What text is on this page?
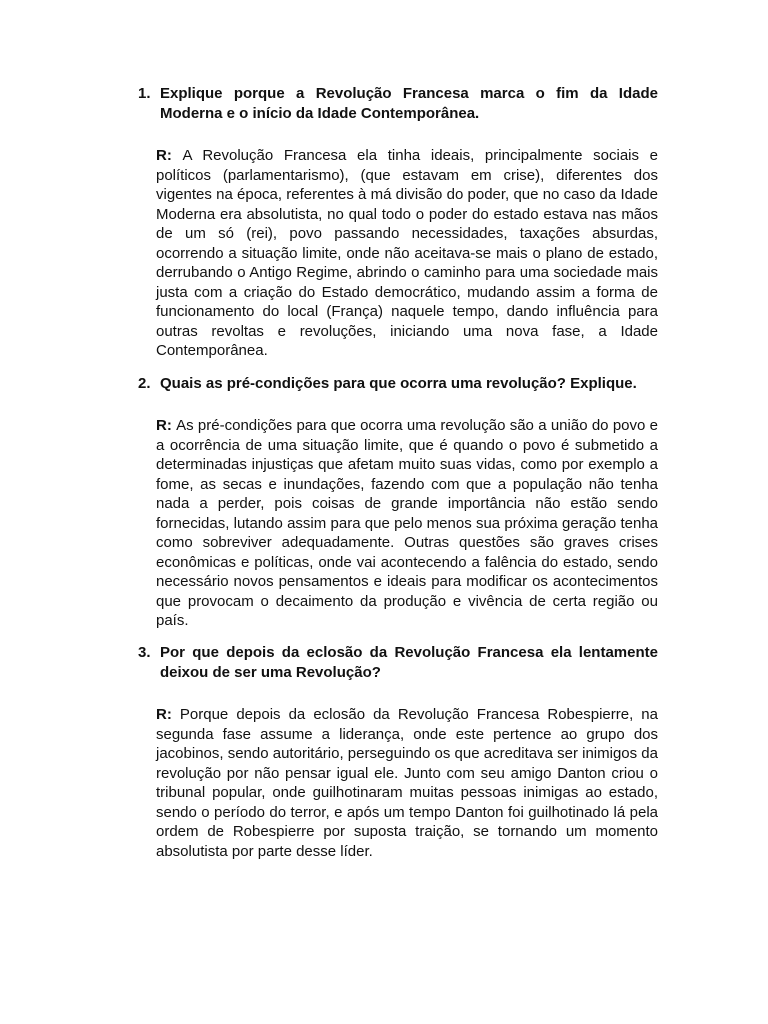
1. Explique porque a Revolução Francesa marca o fim da Idade Moderna e o início da Idade Contemporânea.

R: A Revolução Francesa ela tinha ideais, principalmente sociais e políticos (parlamentarismo), (que estavam em crise), diferentes dos vigentes na época, referentes à má divisão do poder, que no caso da Idade Moderna era absolutista, no qual todo o poder do estado estava nas mãos de um só (rei), povo passando necessidades, taxações absurdas, ocorrendo a situação limite, onde não aceitava-se mais o plano de estado, derrubando o Antigo Regime, abrindo o caminho para uma sociedade mais justa com a criação do Estado democrático, mudando assim a forma de funcionamento do local (França) naquele tempo, dando influência para outras revoltas e revoluções, iniciando uma nova fase, a Idade Contemporânea.

2. Quais as pré-condições para que ocorra uma revolução? Explique.

R: As pré-condições para que ocorra uma revolução são a união do povo e a ocorrência de uma situação limite, que é quando o povo é submetido a determinadas injustiças que afetam muito suas vidas, como por exemplo a fome, as secas e inundações, fazendo com que a população não tenha nada a perder, pois coisas de grande importância não estão sendo fornecidas, lutando assim para que pelo menos sua próxima geração tenha como sobreviver adequadamente. Outras questões são graves crises econômicas e políticas, onde vai acontecendo a falência do estado, sendo necessário novos pensamentos e ideais para modificar os acontecimentos que provocam o decaimento da produção e vivência de certa região ou país.

3. Por que depois da eclosão da Revolução Francesa ela lentamente deixou de ser uma Revolução?

R: Porque depois da eclosão da Revolução Francesa Robespierre, na segunda fase assume a liderança, onde este pertence ao grupo dos jacobinos, sendo autoritário, perseguindo os que acreditava ser inimigos da revolução por não pensar igual ele. Junto com seu amigo Danton criou o tribunal popular, onde guilhotinaram muitas pessoas inimigas ao estado, sendo o período do terror, e após um tempo Danton foi guilhotinado lá pela ordem de Robespierre por suposta traição, se tornando um momento absolutista por parte desse líder.
